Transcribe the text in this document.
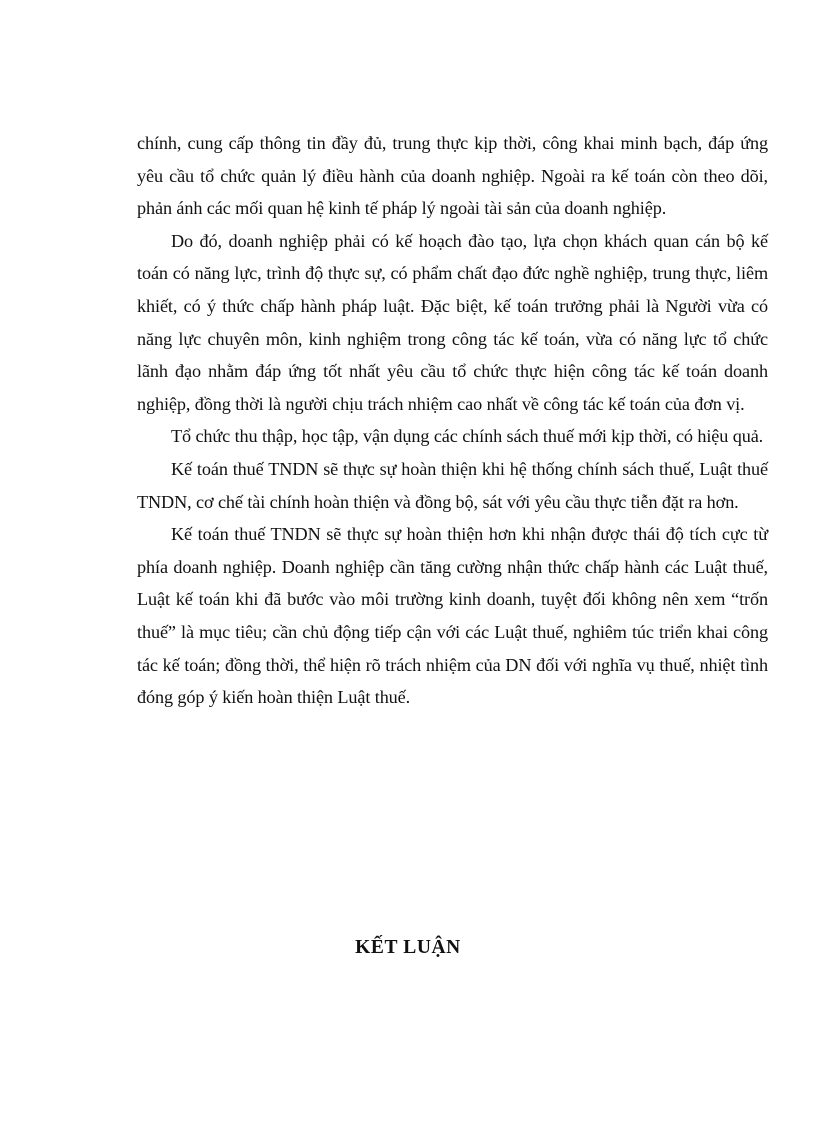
chính, cung cấp thông tin đầy đủ, trung thực kịp thời, công khai minh bạch, đáp ứng yêu cầu tổ chức quản lý điều hành của doanh nghiệp. Ngoài ra kế toán còn theo dõi, phản ánh các mối quan hệ kinh tế pháp lý ngoài tài sản của doanh nghiệp.

Do đó, doanh nghiệp phải có kế hoạch đào tạo, lựa chọn khách quan cán bộ kế toán có năng lực, trình độ thực sự, có phẩm chất đạo đức nghề nghiệp, trung thực, liêm khiết, có ý thức chấp hành pháp luật. Đặc biệt, kế toán trưởng phải là Người vừa có năng lực chuyên môn, kinh nghiệm trong công tác kế toán, vừa có năng lực tổ chức lãnh đạo nhằm đáp ứng tốt nhất yêu cầu tổ chức thực hiện công tác kế toán doanh nghiệp, đồng thời là người chịu trách nhiệm cao nhất về công tác kế toán của đơn vị.

Tổ chức thu thập, học tập, vận dụng các chính sách thuế mới kịp thời, có hiệu quả.

Kế toán thuế TNDN sẽ thực sự hoàn thiện khi hệ thống chính sách thuế, Luật thuế TNDN, cơ chế tài chính hoàn thiện và đồng bộ, sát với yêu cầu thực tiễn đặt ra hơn.

Kế toán thuế TNDN sẽ thực sự hoàn thiện hơn khi nhận được thái độ tích cực từ phía doanh nghiệp. Doanh nghiệp cần tăng cường nhận thức chấp hành các Luật thuế, Luật kế toán khi đã bước vào môi trường kinh doanh, tuyệt đối không nên xem “trốn thuế” là mục tiêu; cần chủ động tiếp cận với các Luật thuế, nghiêm túc triển khai công tác kế toán; đồng thời, thể hiện rõ trách nhiệm của DN đối với nghĩa vụ thuế, nhiệt tình đóng góp ý kiến hoàn thiện Luật thuế.

KẾT LUẬN
